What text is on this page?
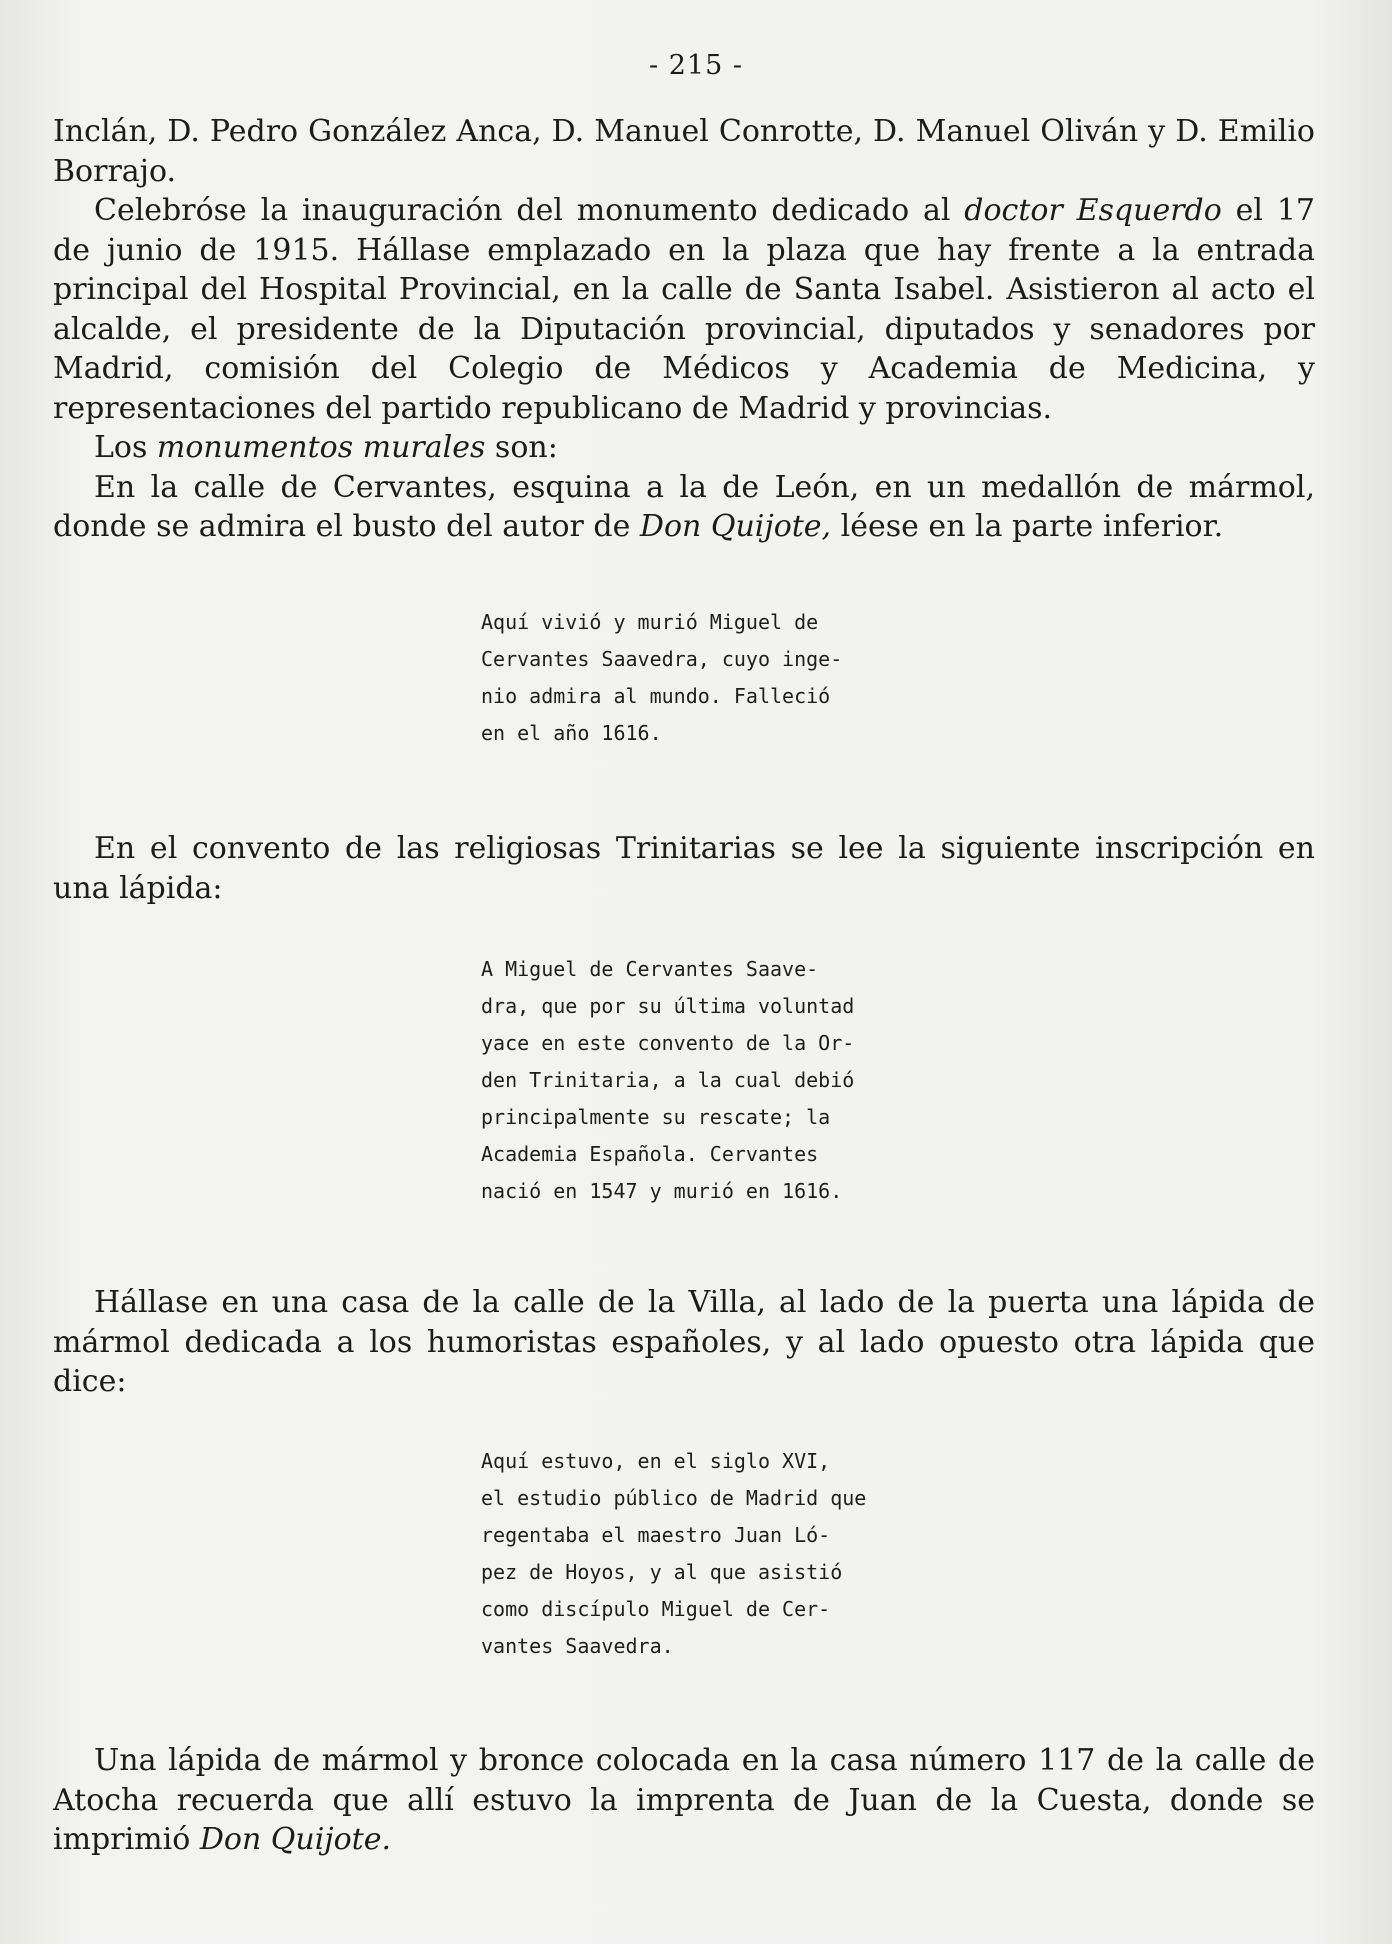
- 215 -

Inclán, D. Pedro González Anca, D. Manuel Conrotte, D. Manuel Oliván y D. Emilio Borrajo.

Celebróse la inauguración del monumento dedicado al doctor Esquerdo el 17 de junio de 1915. Hállase emplazado en la plaza que hay frente a la entrada principal del Hospital Provincial, en la calle de Santa Isabel. Asistieron al acto el alcalde, el presidente de la Diputación provincial, diputados y senadores por Madrid, comisión del Colegio de Médicos y Academia de Medicina, y representaciones del partido republicano de Madrid y provincias.

Los monumentos murales son:

En la calle de Cervantes, esquina a la de León, en un medallón de mármol, donde se admira el busto del autor de Don Quijote, léese en la parte inferior.

Aquí vivió y murió Miguel de
Cervantes Saavedra, cuyo inge-
nio admira al mundo. Falleció
en el año 1616.

En el convento de las religiosas Trinitarias se lee la siguiente inscripción en una lápida:

A Miguel de Cervantes Saave-
dra, que por su última voluntad
yace en este convento de la Or-
den Trinitaria, a la cual debió
principalmente su rescate; la
Academia Española. Cervantes
nació en 1547 y murió en 1616.

Hállase en una casa de la calle de la Villa, al lado de la puerta una lápida de mármol dedicada a los humoristas españoles, y al lado opuesto otra lápida que dice:

Aquí estuvo, en el siglo XVI,
el estudio público de Madrid que
regentaba el maestro Juan Ló-
pez de Hoyos, y al que asistió
como discípulo Miguel de Cer-
vantes Saavedra.

Una lápida de mármol y bronce colocada en la casa número 117 de la calle de Atocha recuerda que allí estuvo la imprenta de Juan de la Cuesta, donde se imprimió Don Quijote.
